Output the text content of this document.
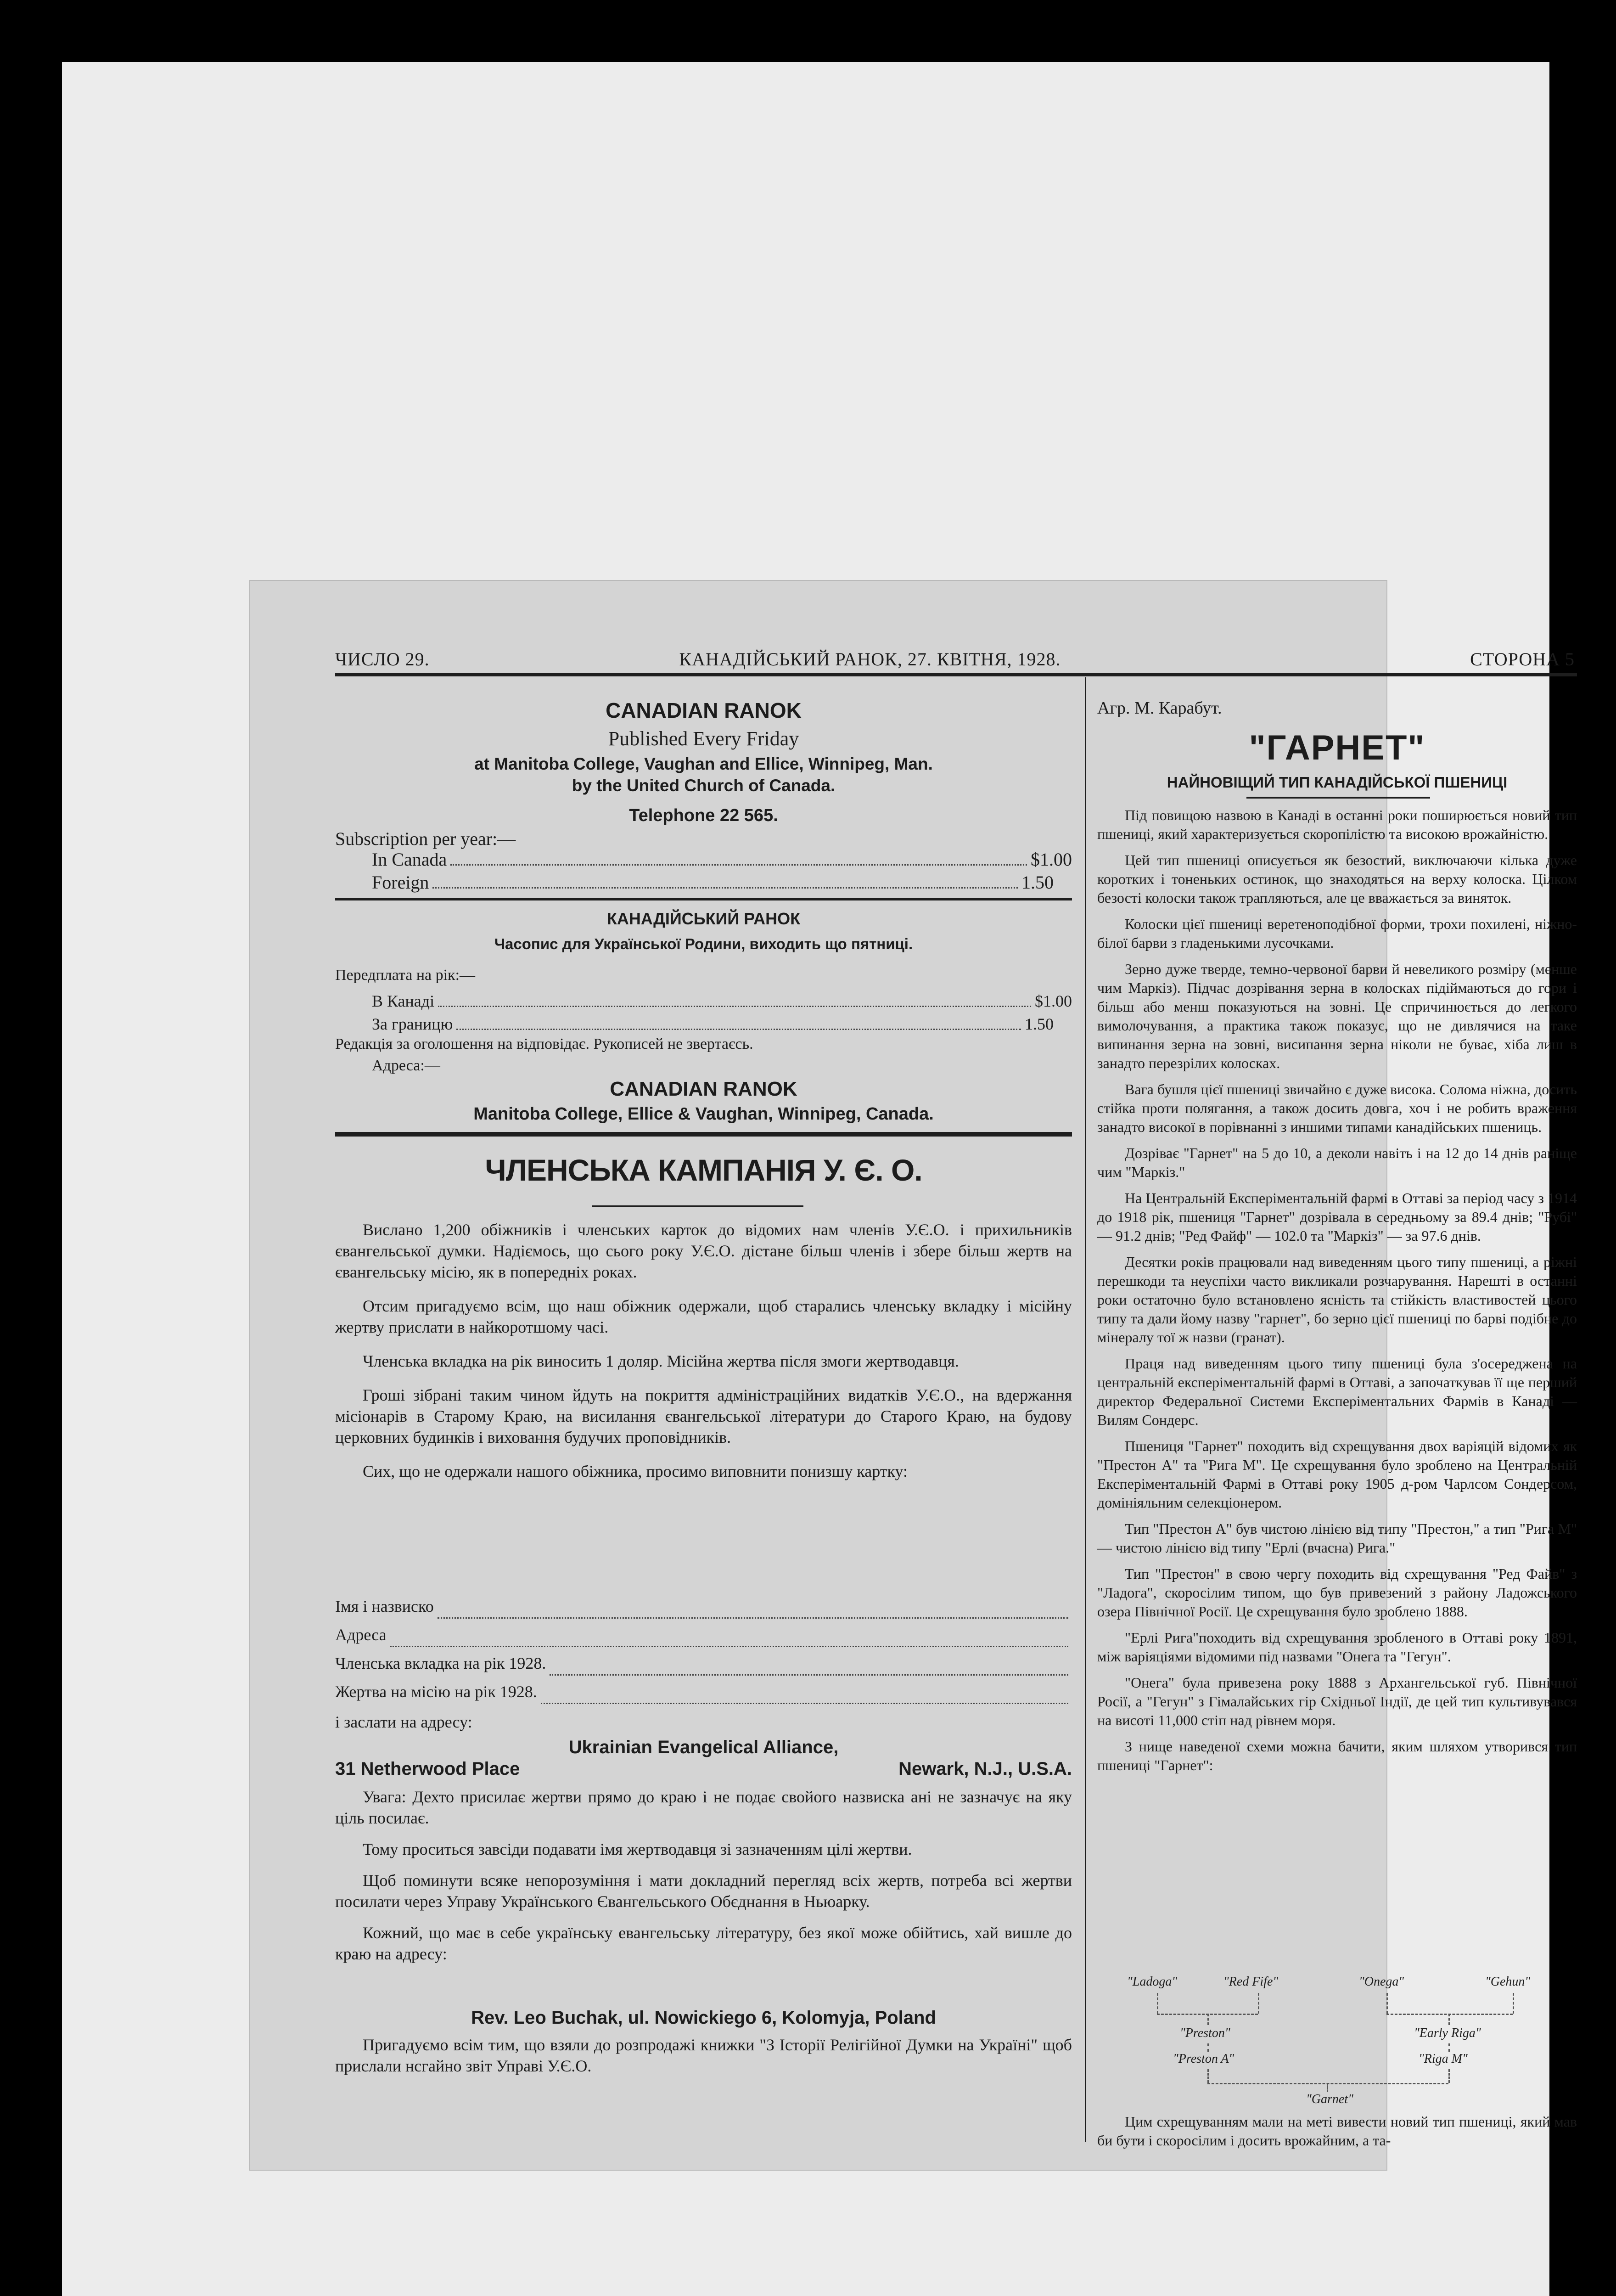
ЧИСЛО 29.	КАНАДІЙСЬКИЙ РАНОК, 27. КВІТНЯ, 1928.	СТОРОНА 5
CANADIAN RANOK
Published Every Friday
at Manitoba College, Vaughan and Ellice, Winnipeg, Man.
by the United Church of Canada.
Telephone 22 565.
Subscription per year:—
In Canada	$1.00
Foreign	1.50
КАНАДІЙСЬКИЙ РАНОК
Часопис для Української Родини, виходить що пятниці.
Передплата на рік:—
В Канаді	$1.00
За границю	1.50
Редакція за оголошення на відповідає. Рукописей не звертаєсь.
Адреса:—
CANADIAN RANOK
Manitoba College, Ellice & Vaughan, Winnipeg, Canada.
ЧЛЕНСЬКА КАМПАНІЯ У. Є. О.

Вислано 1,200 обіжників і членських карток до відомих нам членів У.Є.О. і прихильників євангельської думки. Надіємось, що сього року У.Є.О. дістане більш членів і збере більш жертв на євангельську місію, як в попередніх роках.

Отсим пригадуємо всім, що наш обіжник одержали, щоб старались членську вкладку і місійну жертву прислати в найкоротшому часі.

Членська вкладка на рік виносить 1 доляр. Місійна жертва після змоги жертводавця.

Гроші зібрані таким чином йдуть на покриття адміністраційних видатків У.Є.О., на вдержання місіонарів в Старому Краю, на висилання євангельської літератури до Старого Краю, на будову церковних будинків і виховання будучих проповідників.

Сих, що не одержали нашого обіжника, просимо виповнити понизшу картку:

Імя і назвиско
Адреса
Членська вкладка на рік 1928.
Жертва на місію на рік 1928.
і заслати на адресу:
Ukrainian Evangelical Alliance,
31 Netherwood Place	Newark, N.J., U.S.A.

Увага: Дехто присилає жертви прямо до краю і не подає свойого назвиска ані не зазначує на яку ціль посилає.

Тому проситься завсіди подавати імя жертводавця зі зазначенням цілі жертви.

Щоб поминути всяке непорозуміння і мати докладний перегляд всіх жертв, потреба всі жертви посилати через Управу Українського Євангельського Обєднання в Ньюарку.

Кожний, що має в себе українську евангельську літературу, без якої може обійтись, хай вишле до краю на адресу:

Rev. Leo Buchak, ul. Nowickiego 6, Kolomyja, Poland

Пригадуємо всім тим, що взяли до розпродажі книжки "З Історії Релігійної Думки на Україні" щоб прислали нсгайно звіт Управі У.Є.О.

Агр. М. Карабут.
"ГАРНЕТ"
НАЙНОВІЩИЙ ТИП КАНАДІЙСЬКОЇ ПШЕНИЦІ

Під повищою назвою в Канаді в останні роки поширюється новий тип пшениці, який характеризується скоропілістю та високою врожайністю.

Цей тип пшениці описується як безостий, виключаючи кілька дуже коротких і тоненьких остинок, що знаходяться на верху колоска. Цілком безості колоски також трапляються, але це вважається за виняток.

Колоски цієї пшениці веретеноподібної форми, трохи похилені, ніжно-білої барви з гладенькими лусочками.

Зерно дуже тверде, темно-червоної барви й невеликого розміру (менше чим Маркіз). Підчас дозрівання зерна в колосках підіймаються до гори і більш або менш показуються на зовні. Це спричинюється до легкого вимолочування, а практика також показує, що не дивлячися на таке випинання зерна на зовні, висипання зерна ніколи не буває, хіба лиш в занадто перезрілих колосках.

Вага бушля цієї пшениці звичайно є дуже висока. Солома ніжна, досить стійка проти полягання, а також досить довга, хоч і не робить враження занадто високої в порівнанні з иншими типами канадійських пшениць.

Дозріває "Гарнет" на 5 до 10, а деколи навіть і на 12 до 14 днів раніще чим "Маркіз."

На Центральній Експеріментальній фармі в Оттаві за період часу з 1914 до 1918 рік, пшениця "Гарнет" дозрівала в середньому за 89.4 днів; "Рубі" — 91.2 днів; "Ред Файф" — 102.0 та "Маркіз" — за 97.6 днів.

Десятки років працювали над виведенням цього типу пшениці, а ріжні перешкоди та неуспіхи часто викликали розчарування. Нарешті в останні роки остаточно було встановлено ясність та стійкість властивостей цього типу та дали йому назву "гарнет", бо зерно цієї пшениці по барві подібне до мінералу тої ж назви (гранат).

Праця над виведенням цього типу пшениці була з'осереджена на центральній експеріментальній фармі в Оттаві, а започаткував її ще перший директор Федеральної Системи Експеріментальних Фармів в Канаді — Вилям Сондерс.

Пшениця "Гарнет" походить від схрещування двох варіяцій відомих як "Престон А" та "Рига М". Це схрещування було зроблено на Центральній Експеріментальній Фармі в Оттаві року 1905 д-ром Чарлсом Сондерсом, домініяльним селекціонером.

Тип "Престон А" був чистою лінією від типу "Престон," а тип "Рига М" — чистою лінією від типу "Ерлі (вчасна) Рига."

Тип "Престон" в свою чергу походить від схрещування "Ред Файв" з "Ладога", скоросілим типом, що був привезений з району Ладожського озера Північної Росії. Це схрещування було зроблено 1888.

"Ерлі Рига"походить від схрещування зробленого в Оттаві року 1891, між варіяціями відомими під назвами "Онега та "Гегун".

"Онега" була привезена року 1888 з Архангельської губ. Північної Росії, а "Гегун" з Гімалайських гір Східньої Індії, де цей тип культивувався на висоті 11,000 стіп над рівнем моря.

З нище наведеної схеми можна бачити, яким шляхом утворився тип пшениці "Гарнет":

"Ladoga"	"Red Fife"	"Onega"	"Gehun"
"Preston"	"Early Riga"
"Preston A"	"Riga M"
"Garnet"

Цим схрещуванням мали на меті вивести новий тип пшениці, який мав би бути і скоросілим і досить врожайним, а та-
